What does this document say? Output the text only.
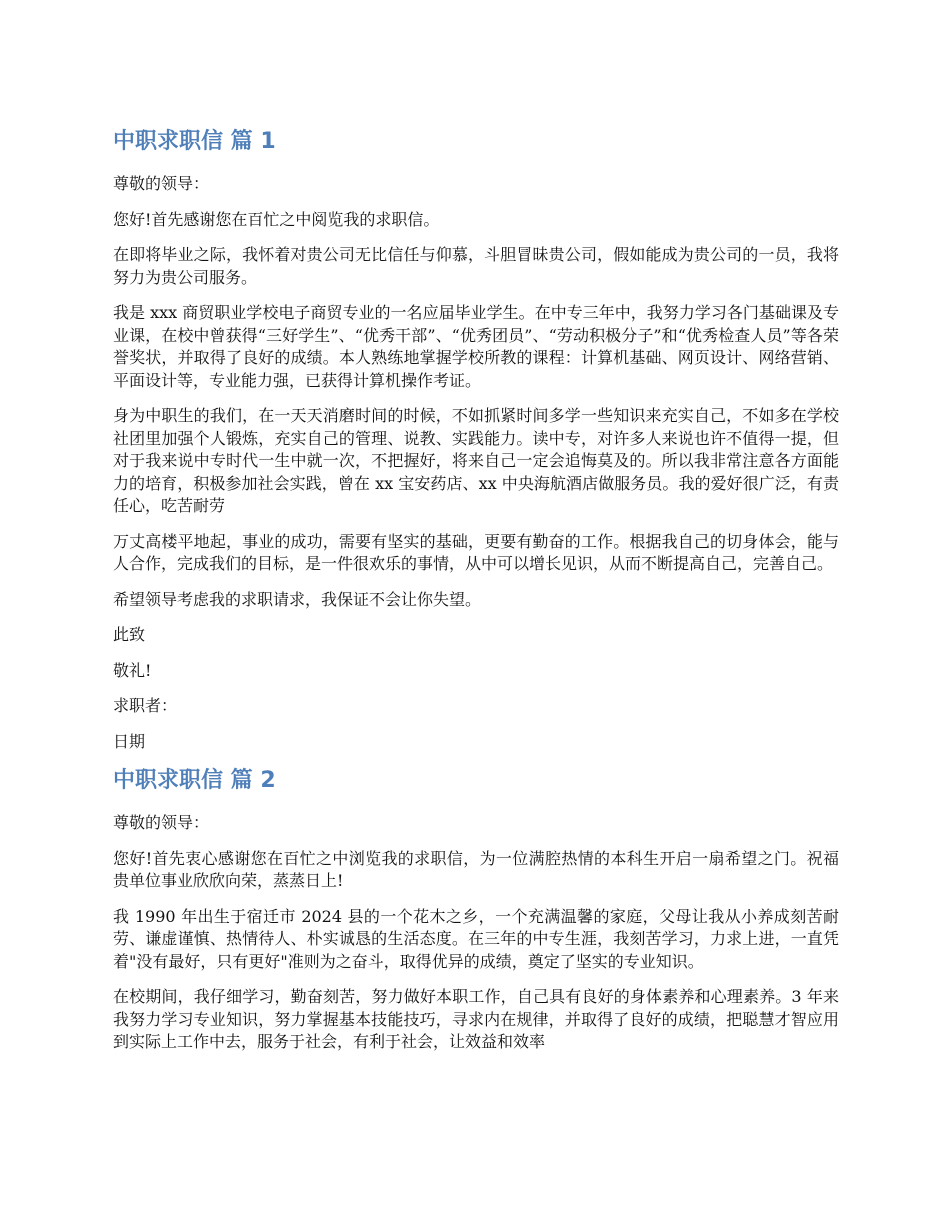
中职求职信 篇 1

尊敬的领导：

您好!首先感谢您在百忙之中阅览我的求职信。

在即将毕业之际，我怀着对贵公司无比信任与仰慕，斗胆冒昧贵公司，假如能成为贵公司的一员，我将努力为贵公司服务。

我是 xxx 商贸职业学校电子商贸专业的一名应届毕业学生。在中专三年中，我努力学习各门基础课及专业课，在校中曾获得“三好学生”、“优秀干部”、“优秀团员”、“劳动积极分子”和“优秀检查人员”等各荣誉奖状，并取得了良好的成绩。本人熟练地掌握学校所教的课程：计算机基础、网页设计、网络营销、平面设计等，专业能力强，已获得计算机操作考证。

身为中职生的我们，在一天天消磨时间的时候，不如抓紧时间多学一些知识来充实自己，不如多在学校社团里加强个人锻炼，充实自己的管理、说教、实践能力。读中专，对许多人来说也许不值得一提，但对于我来说中专时代一生中就一次，不把握好，将来自己一定会追悔莫及的。所以我非常注意各方面能力的培育，积极参加社会实践，曾在 xx 宝安药店、xx 中央海航酒店做服务员。我的爱好很广泛，有责任心，吃苦耐劳

万丈高楼平地起，事业的成功，需要有坚实的基础，更要有勤奋的工作。根据我自己的切身体会，能与人合作，完成我们的目标，是一件很欢乐的事情，从中可以增长见识，从而不断提高自己，完善自己。

希望领导考虑我的求职请求，我保证不会让你失望。

此致

敬礼!

求职者：

日期

中职求职信 篇 2

尊敬的领导：

您好!首先衷心感谢您在百忙之中浏览我的求职信，为一位满腔热情的本科生开启一扇希望之门。祝福贵单位事业欣欣向荣，蒸蒸日上!

我 1990 年出生于宿迁市 2024 县的一个花木之乡，一个充满温馨的家庭，父母让我从小养成刻苦耐劳、谦虚谨慎、热情待人、朴实诚恳的生活态度。在三年的中专生涯，我刻苦学习，力求上进，一直凭着"没有最好，只有更好"准则为之奋斗，取得优异的成绩，奠定了坚实的专业知识。

在校期间，我仔细学习，勤奋刻苦，努力做好本职工作，自己具有良好的身体素养和心理素养。3 年来我努力学习专业知识，努力掌握基本技能技巧，寻求内在规律，并取得了良好的成绩，把聪慧才智应用到实际上工作中去，服务于社会，有利于社会，让效益和效率
